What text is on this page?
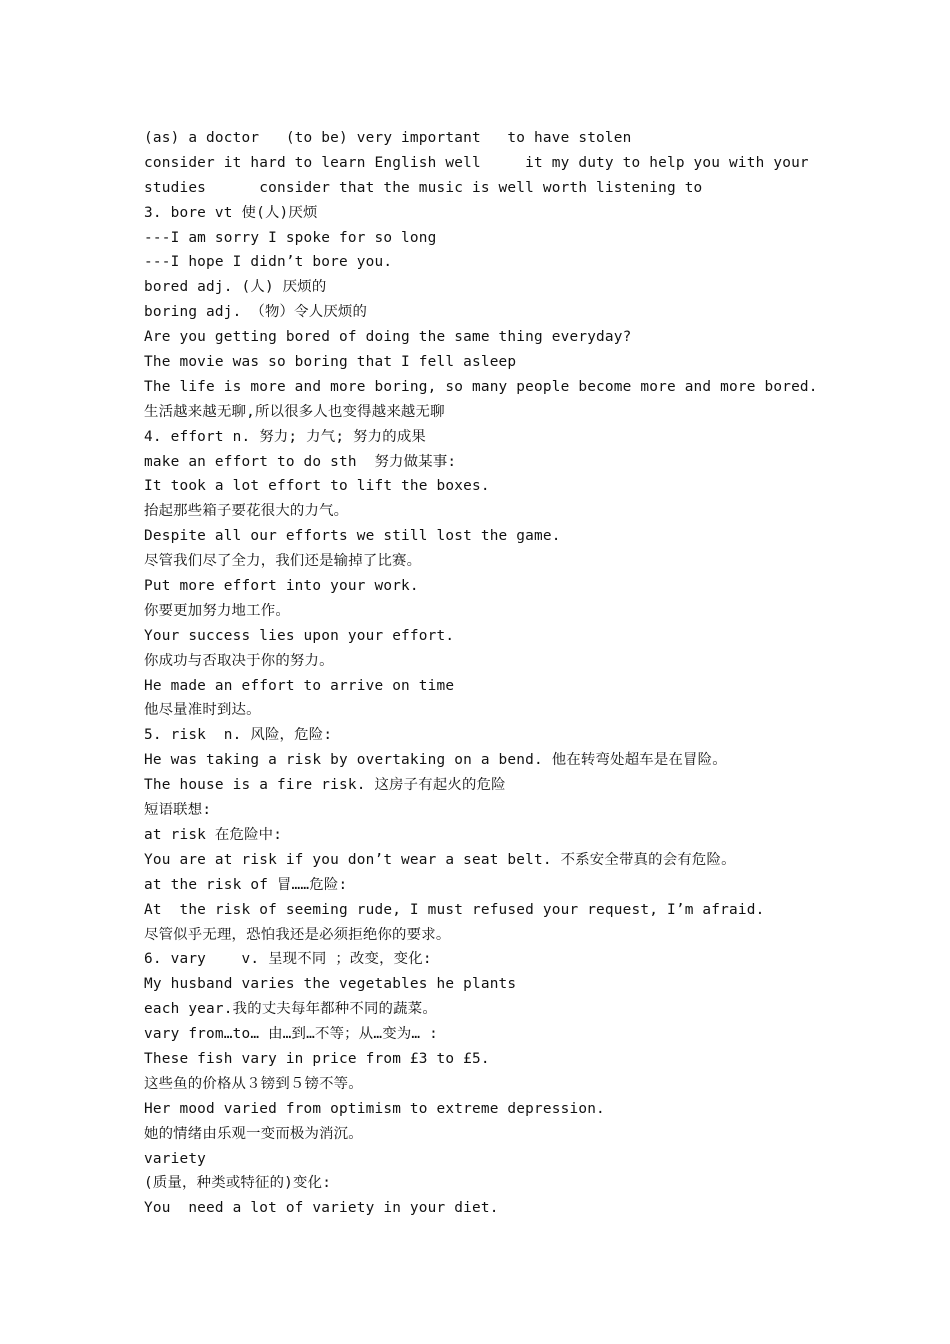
(as) a doctor   (to be) very important   to have stolen
consider it hard to learn English well     it my duty to help you with your
studies      consider that the music is well worth listening to
3. bore vt 使(人)厌烦
---I am sorry I spoke for so long
---I hope I didn’t bore you.
bored adj. (人) 厌烦的
boring adj. （物）令人厌烦的
Are you getting bored of doing the same thing everyday?
The movie was so boring that I fell asleep
The life is more and more boring, so many people become more and more bored.
生活越来越无聊,所以很多人也变得越来越无聊
4. effort n. 努力; 力气; 努力的成果
make an effort to do sth  努力做某事:
It took a lot effort to lift the boxes.
抬起那些箱子要花很大的力气。
Despite all our efforts we still lost the game.
尽管我们尽了全力，我们还是输掉了比赛。
Put more effort into your work.
你要更加努力地工作。
Your success lies upon your effort.
你成功与否取决于你的努力。
He made an effort to arrive on time
他尽量准时到达。
5. risk  n. 风险，危险:
He was taking a risk by overtaking on a bend. 他在转弯处超车是在冒险。
The house is a fire risk. 这房子有起火的危险
短语联想:
at risk 在危险中:
You are at risk if you don’t wear a seat belt. 不系安全带真的会有危险。
at the risk of 冒……危险:
At  the risk of seeming rude, I must refused your request, I’m afraid.
尽管似乎无理，恐怕我还是必须拒绝你的要求。
6. vary    v. 呈现不同 ；改变，变化:
My husband varies the vegetables he plants
each year.我的丈夫每年都种不同的蔬菜。
vary from…to… 由…到…不等；从…变为… :
These fish vary in price from £3 to £5.
这些鱼的价格从３镑到５镑不等。
Her mood varied from optimism to extreme depression.
她的情绪由乐观一变而极为消沉。
variety
(质量，种类或特征的)变化:
You  need a lot of variety in your diet.
